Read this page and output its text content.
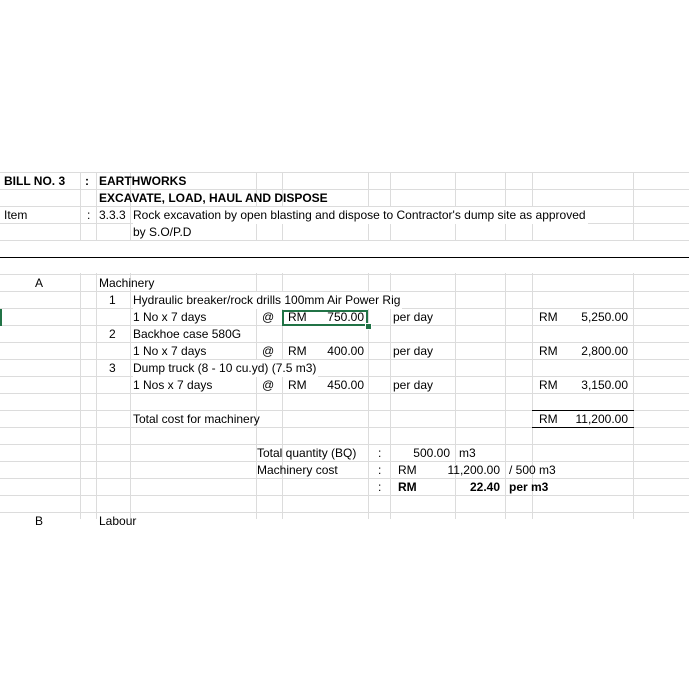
BILL NO. 3 : EARTHWORKS
EXCAVATE, LOAD, HAUL AND DISPOSE
Item	: 3.3.3 Rock excavation by open blasting and dispose to Contractor's dump site as approved
by S.O/P.D
A	Machinery
1 Hydraulic breaker/rock drills 100mm Air Power Rig
1 No x 7 days	@ RM	750.00 per day	RM	5,250.00
2 Backhoe case 580G
1 No x 7 days	@ RM	400.00 per day	RM	2,800.00
3 Dump truck (8 - 10 cu.yd) (7.5 m3)
1 Nos x 7 days	@ RM	450.00 per day	RM	3,150.00
Total cost for machinery	RM	11,200.00
Total quantity (BQ) :	500.00 m3
Machinery cost	: RM	11,200.00 / 500 m3
: RM	22.40 per m3
B	Labour
